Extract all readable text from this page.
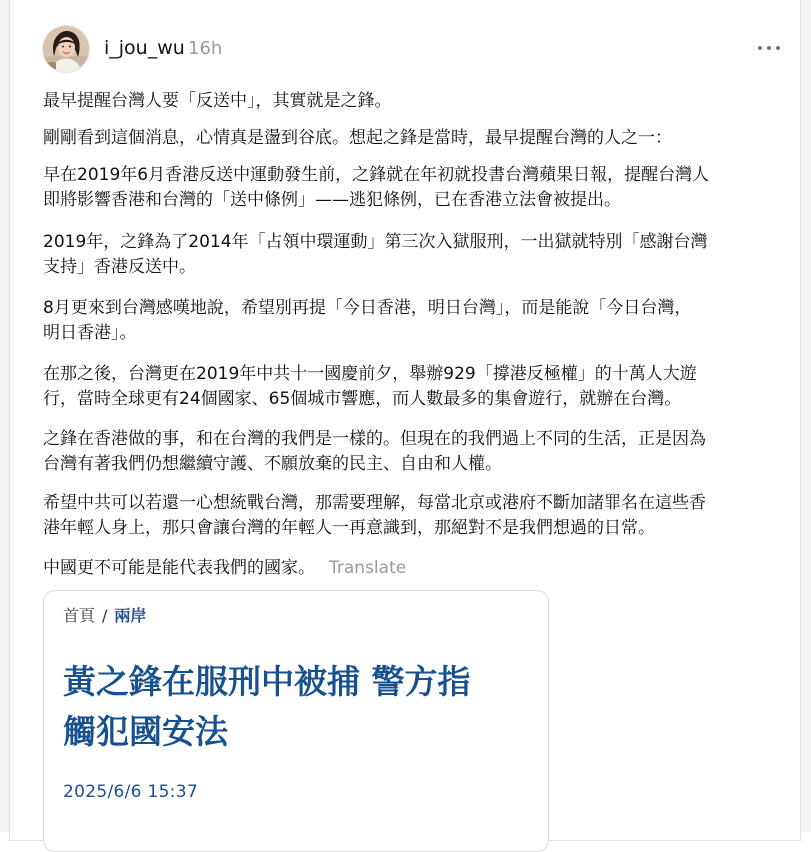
i_jou_wu 16h

最早提醒台灣人要「反送中」，其實就是之鋒。

剛剛看到這個消息，心情真是盪到谷底。想起之鋒是當時，最早提醒台灣的人之一：

早在2019年6月香港反送中運動發生前，之鋒就在年初就投書台灣蘋果日報，提醒台灣人
即將影響香港和台灣的「送中條例」——逃犯條例，已在香港立法會被提出。

2019年，之鋒為了2014年「占領中環運動」第三次入獄服刑，一出獄就特別「感謝台灣
支持」香港反送中。

8月更來到台灣感嘆地說，希望別再提「今日香港，明日台灣」，而是能說「今日台灣，
明日香港」。

在那之後，台灣更在2019年中共十一國慶前夕，舉辦929「撐港反極權」的十萬人大遊
行，當時全球更有24個國家、65個城市響應，而人數最多的集會遊行，就辦在台灣。

之鋒在香港做的事，和在台灣的我們是一樣的。但現在的我們過上不同的生活，正是因為
台灣有著我們仍想繼續守護、不願放棄的民主、自由和人權。

希望中共可以若還一心想統戰台灣，那需要理解，每當北京或港府不斷加諸罪名在這些香
港年輕人身上，那只會讓台灣的年輕人一再意識到，那絕對不是我們想過的日常。

中國更不可能是能代表我們的國家。 Translate

首頁 / 兩岸

黃之鋒在服刑中被捕 警方指
觸犯國安法

2025/6/6 15:37
